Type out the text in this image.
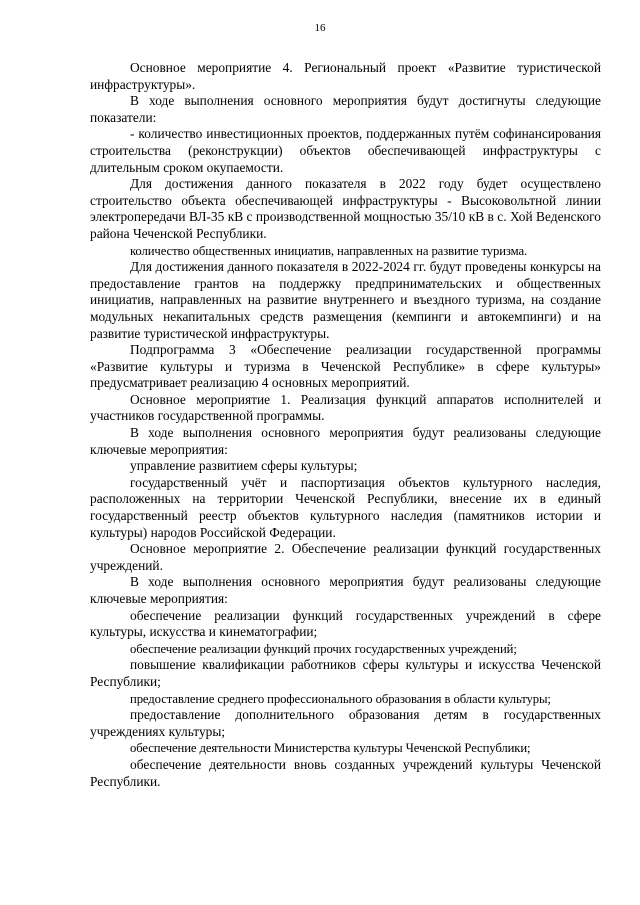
16

Основное мероприятие 4. Региональный проект «Развитие туристической инфраструктуры».

В ходе выполнения основного мероприятия будут достигнуты следующие показатели:

- количество инвестиционных проектов, поддержанных путём софинансирования строительства (реконструкции) объектов обеспечивающей инфраструктуры с длительным сроком окупаемости.

Для достижения данного показателя в 2022 году будет осуществлено строительство объекта обеспечивающей инфраструктуры - Высоковольтной линии электропередачи ВЛ-35 кВ с производственной мощностью 35/10 кВ в с. Хой Веденского района Чеченской Республики.

количество общественных инициатив, направленных на развитие туризма.

Для достижения данного показателя в 2022-2024 гг. будут проведены конкурсы на предоставление грантов на поддержку предпринимательских и общественных инициатив, направленных на развитие внутреннего и въездного туризма, на создание модульных некапитальных средств размещения (кемпинги и автокемпинги) и на развитие туристической инфраструктуры.

Подпрограмма 3 «Обеспечение реализации государственной программы «Развитие культуры и туризма в Чеченской Республике» в сфере культуры» предусматривает реализацию 4 основных мероприятий.

Основное мероприятие 1. Реализация функций аппаратов исполнителей и участников государственной программы.

В ходе выполнения основного мероприятия будут реализованы следующие ключевые мероприятия:

управление развитием сферы культуры;

государственный учёт и паспортизация объектов культурного наследия, расположенных на территории Чеченской Республики, внесение их в единый государственный реестр объектов культурного наследия (памятников истории и культуры) народов Российской Федерации.

Основное мероприятие 2. Обеспечение реализации функций государственных учреждений.

В ходе выполнения основного мероприятия будут реализованы следующие ключевые мероприятия:

обеспечение реализации функций государственных учреждений в сфере культуры, искусства и кинематографии;

обеспечение реализации функций прочих государственных учреждений;

повышение квалификации работников сферы культуры и искусства Чеченской Республики;

предоставление среднего профессионального образования в области культуры;

предоставление дополнительного образования детям в государственных учреждениях культуры;

обеспечение деятельности Министерства культуры Чеченской Республики;

обеспечение деятельности вновь созданных учреждений культуры Чеченской Республики.
